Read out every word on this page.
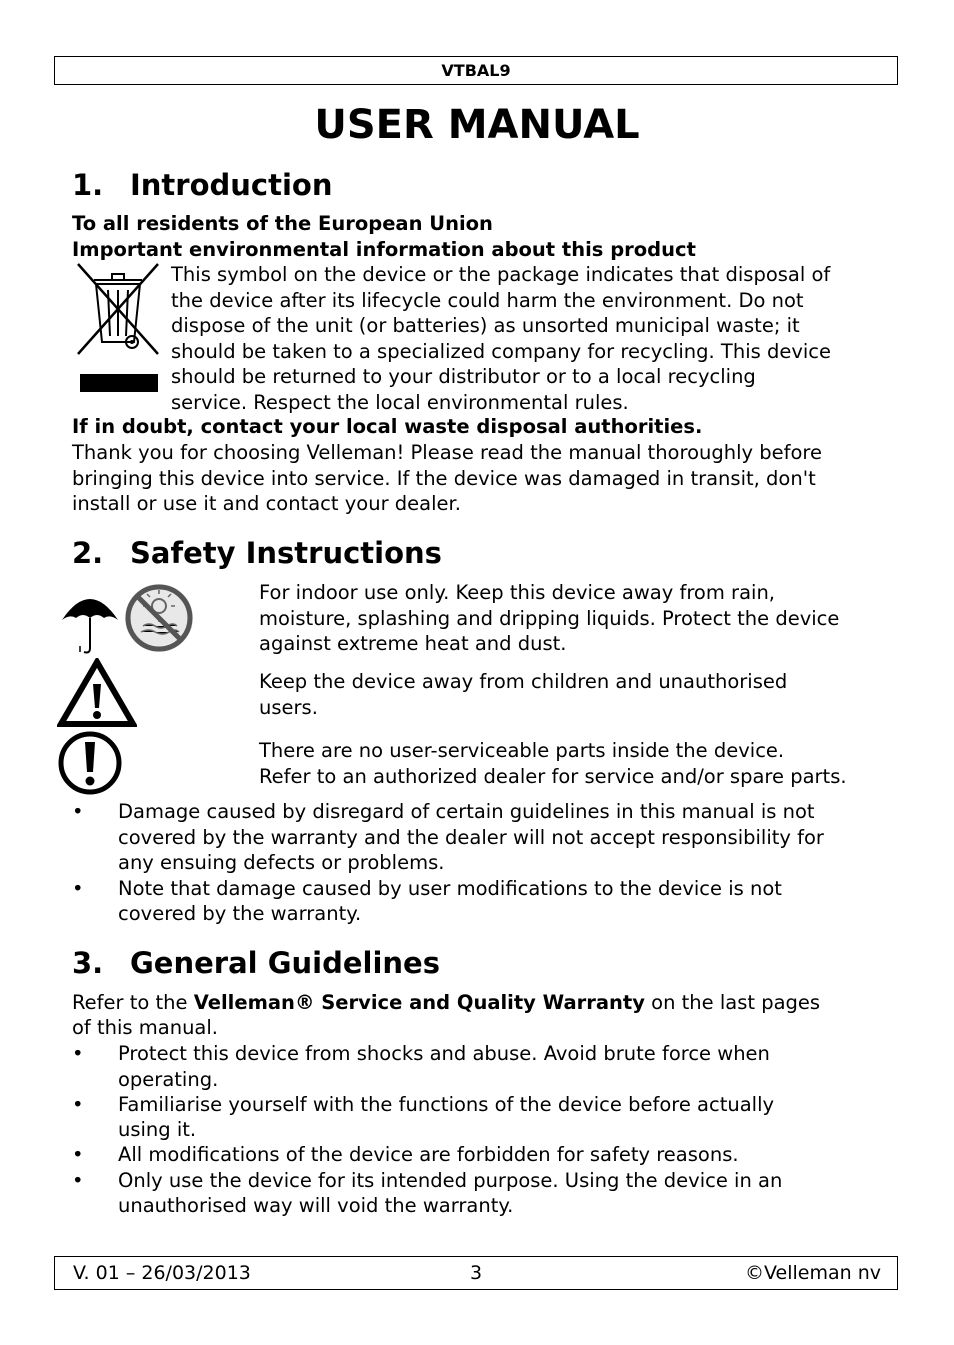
VTBAL9
USER MANUAL
1. Introduction
To all residents of the European Union
Important environmental information about this product
This symbol on the device or the package indicates that disposal of
the device after its lifecycle could harm the environment. Do not
dispose of the unit (or batteries) as unsorted municipal waste; it
should be taken to a specialized company for recycling. This device
should be returned to your distributor or to a local recycling
service. Respect the local environmental rules.
If in doubt, contact your local waste disposal authorities.
Thank you for choosing Velleman! Please read the manual thoroughly before
bringing this device into service. If the device was damaged in transit, don't
install or use it and contact your dealer.
2. Safety Instructions
For indoor use only. Keep this device away from rain,
moisture, splashing and dripping liquids. Protect the device
against extreme heat and dust.
Keep the device away from children and unauthorised
users.
There are no user-serviceable parts inside the device.
Refer to an authorized dealer for service and/or spare parts.
• Damage caused by disregard of certain guidelines in this manual is not
covered by the warranty and the dealer will not accept responsibility for
any ensuing defects or problems.
• Note that damage caused by user modifications to the device is not
covered by the warranty.
3. General Guidelines
Refer to the Velleman® Service and Quality Warranty on the last pages
of this manual.
• Protect this device from shocks and abuse. Avoid brute force when
operating.
• Familiarise yourself with the functions of the device before actually
using it.
• All modifications of the device are forbidden for safety reasons.
• Only use the device for its intended purpose. Using the device in an
unauthorised way will void the warranty.
V. 01 – 26/03/2013	3	©Velleman nv
